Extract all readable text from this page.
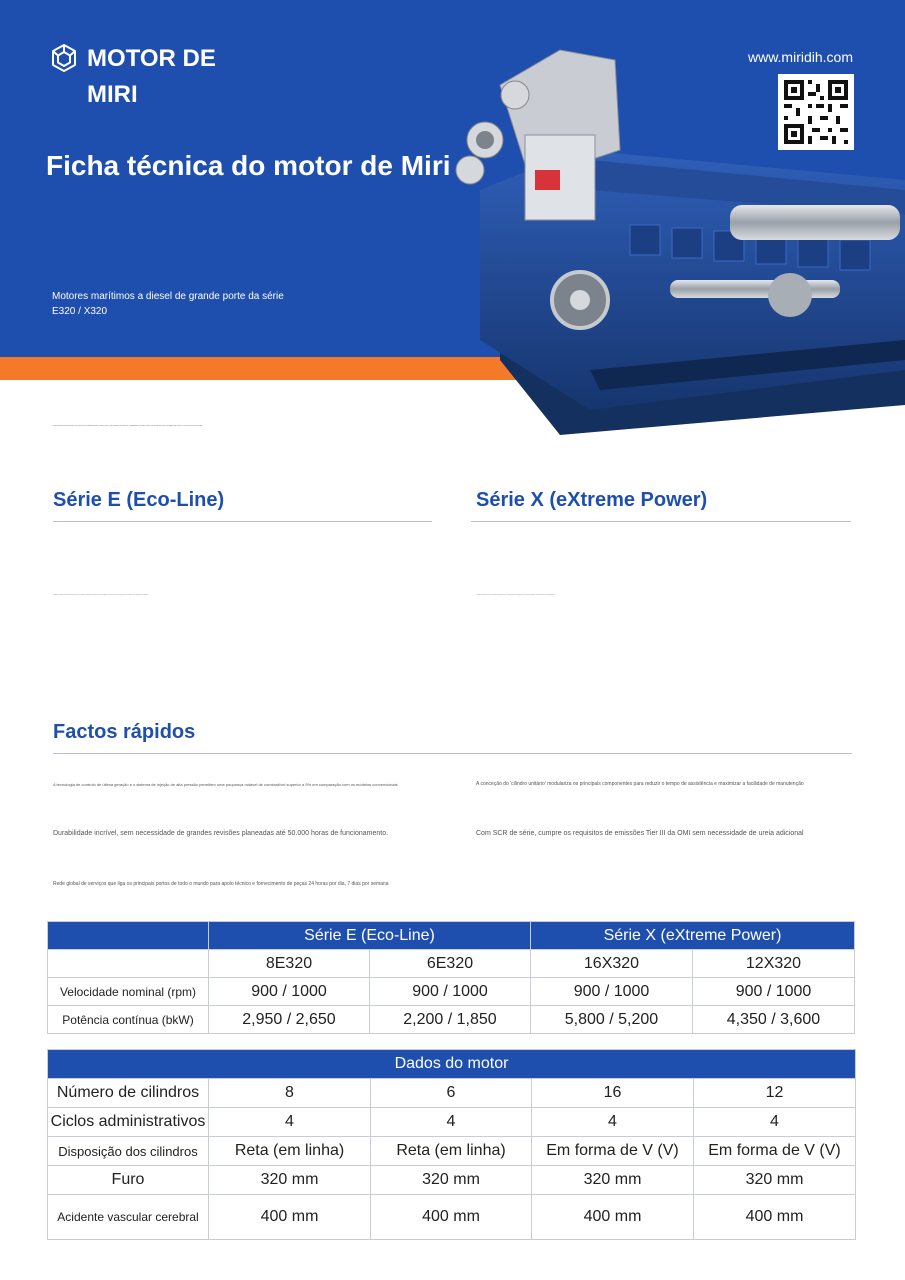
MOTOR DE MIRI
www.miridih.com
Ficha técnica do motor de Miri
Motores marítimos a diesel de grande porte da série E320 / X320
Concebidos para serviço contínuo em embarcações comerciais, oferecendo eficiência, fiabilidade e baixo custo de manutenção ao longo de todo o ciclo de vida do motor.
Série E (Eco-Line)
Optimizado para eficiência de combustível e baixo custo operacional em serviço contínuo de longa duração.
Série X (eXtreme Power)
Concebido para máxima potência e resposta rápida em aplicações de elevada exigência.
Factos rápidos
A tecnologia de controlo de última geração e o sistema de injeção de alta pressão permitem uma poupança notável de combustível superior a 5% em comparação com os modelos convencionais.	A conceção do 'cilindro unitário' modulariza os principais componentes para reduzir o tempo de assistência e maximizar a facilidade de manutenção
Durabilidade incrível, sem necessidade de grandes revisões planeadas até 50.000 horas de funcionamento.	Com SCR de série, cumpre os requisitos de emissões Tier III da OMI sem necessidade de ureia adicional
Rede global de serviços que liga os principais portos de todo o mundo para apoio técnico e fornecimento de peças 24 horas por dia, 7 dias por semana
	Série E (Eco-Line)		Série X (eXtreme Power)	
	8E320	6E320	16X320	12X320
Velocidade nominal (rpm)	900 / 1000	900 / 1000	900 / 1000	900 / 1000
Potência contínua (bkW)	2,950 / 2,650	2,200 / 1,850	5,800 / 5,200	4,350 / 3,600
Dados do motor				
Número de cilindros	8	6	16	12
Ciclos administrativos	4	4	4	4
Disposição dos cilindros	Reta (em linha)	Reta (em linha)	Em forma de V (V)	Em forma de V (V)
Furo	320 mm	320 mm	320 mm	320 mm
Acidente vascular cerebral	400 mm	400 mm	400 mm	400 mm
